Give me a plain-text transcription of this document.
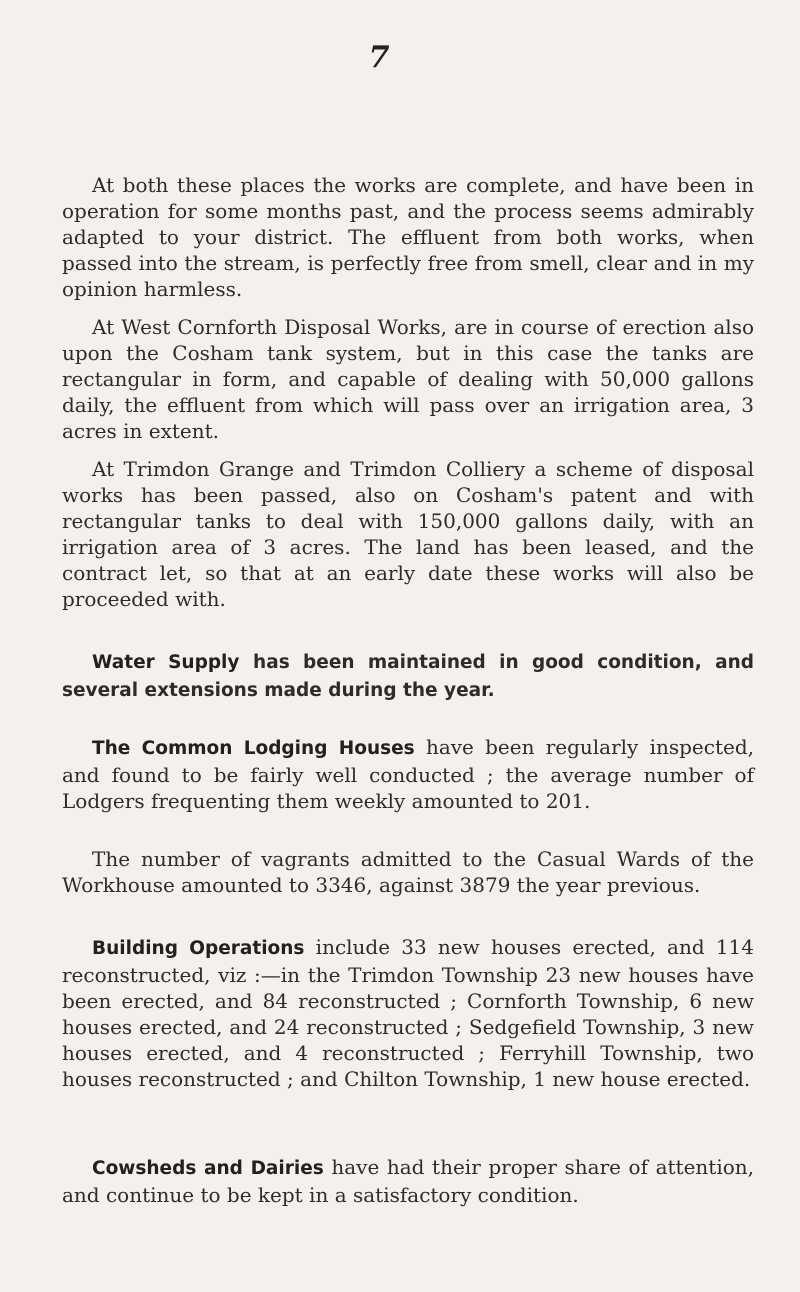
7

At both these places the works are complete, and have been in operation for some months past, and the process seems admirably adapted to your district. The effluent from both works, when passed into the stream, is perfectly free from smell, clear and in my opinion harmless.

At West Cornforth Disposal Works, are in course of erection also upon the Cosham tank system, but in this case the tanks are rectangular in form, and capable of dealing with 50,000 gallons daily, the effluent from which will pass over an irrigation area, 3 acres in extent.

At Trimdon Grange and Trimdon Colliery a scheme of disposal works has been passed, also on Cosham's patent and with rectangular tanks to deal with 150,000 gallons daily, with an irrigation area of 3 acres. The land has been leased, and the contract let, so that at an early date these works will also be proceeded with.

Water Supply has been maintained in good condition, and several extensions made during the year.

The Common Lodging Houses have been regularly inspected, and found to be fairly well conducted ; the average number of Lodgers frequenting them weekly amounted to 201.

The number of vagrants admitted to the Casual Wards of the Workhouse amounted to 3346, against 3879 the year previous.

Building Operations include 33 new houses erected, and 114 reconstructed, viz :—in the Trimdon Township 23 new houses have been erected, and 84 reconstructed ; Cornforth Township, 6 new houses erected, and 24 reconstructed ; Sedgefield Township, 3 new houses erected, and 4 reconstructed ; Ferryhill Township, two houses reconstructed ; and Chilton Township, 1 new house erected.

Cowsheds and Dairies have had their proper share of attention, and continue to be kept in a satisfactory condition.
